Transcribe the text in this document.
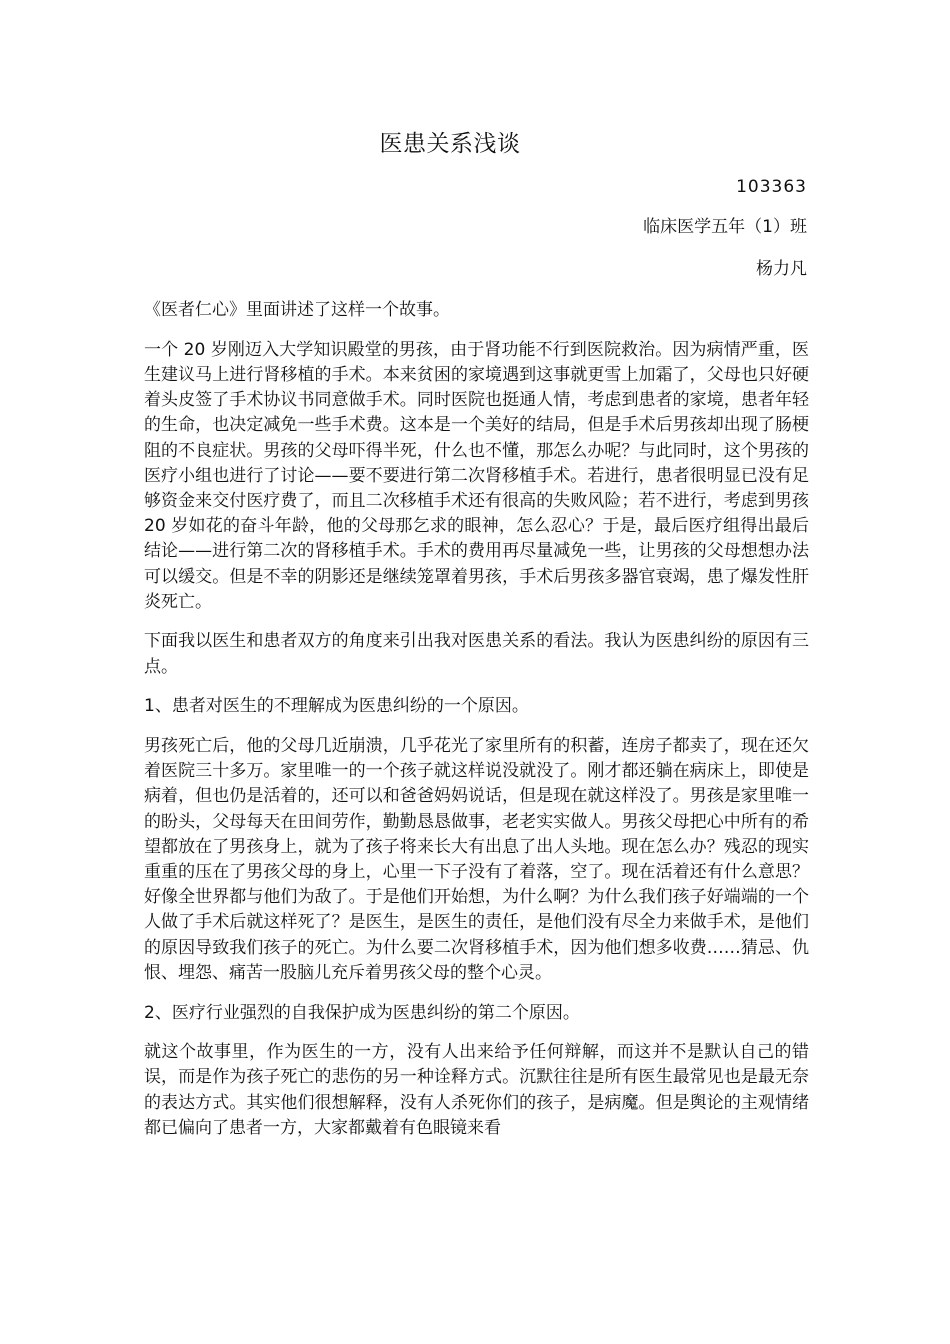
医患关系浅谈

103363

临床医学五年（1）班

杨力凡

《医者仁心》里面讲述了这样一个故事。

一个 20 岁刚迈入大学知识殿堂的男孩，由于肾功能不行到医院救治。因为病情严重，医生建议马上进行肾移植的手术。本来贫困的家境遇到这事就更雪上加霜了，父母也只好硬着头皮签了手术协议书同意做手术。同时医院也挺通人情，考虑到患者的家境，患者年轻的生命，也决定减免一些手术费。这本是一个美好的结局，但是手术后男孩却出现了肠梗阻的不良症状。男孩的父母吓得半死，什么也不懂，那怎么办呢？与此同时，这个男孩的医疗小组也进行了讨论——要不要进行第二次肾移植手术。若进行，患者很明显已没有足够资金来交付医疗费了，而且二次移植手术还有很高的失败风险；若不进行，考虑到男孩 20 岁如花的奋斗年龄，他的父母那乞求的眼神，怎么忍心？于是，最后医疗组得出最后结论——进行第二次的肾移植手术。手术的费用再尽量减免一些，让男孩的父母想想办法可以缓交。但是不幸的阴影还是继续笼罩着男孩，手术后男孩多器官衰竭，患了爆发性肝炎死亡。

下面我以医生和患者双方的角度来引出我对医患关系的看法。我认为医患纠纷的原因有三点。

1、患者对医生的不理解成为医患纠纷的一个原因。

男孩死亡后，他的父母几近崩溃，几乎花光了家里所有的积蓄，连房子都卖了，现在还欠着医院三十多万。家里唯一的一个孩子就这样说没就没了。刚才都还躺在病床上，即使是病着，但也仍是活着的，还可以和爸爸妈妈说话，但是现在就这样没了。男孩是家里唯一的盼头，父母每天在田间劳作，勤勤恳恳做事，老老实实做人。男孩父母把心中所有的希望都放在了男孩身上，就为了孩子将来长大有出息了出人头地。现在怎么办？残忍的现实重重的压在了男孩父母的身上，心里一下子没有了着落，空了。现在活着还有什么意思？好像全世界都与他们为敌了。于是他们开始想，为什么啊？为什么我们孩子好端端的一个人做了手术后就这样死了？是医生，是医生的责任，是他们没有尽全力来做手术，是他们的原因导致我们孩子的死亡。为什么要二次肾移植手术，因为他们想多收费……猜忌、仇恨、埋怨、痛苦一股脑儿充斥着男孩父母的整个心灵。

2、医疗行业强烈的自我保护成为医患纠纷的第二个原因。

就这个故事里，作为医生的一方，没有人出来给予任何辩解，而这并不是默认自己的错误，而是作为孩子死亡的悲伤的另一种诠释方式。沉默往往是所有医生最常见也是最无奈的表达方式。其实他们很想解释，没有人杀死你们的孩子，是病魔。但是舆论的主观情绪都已偏向了患者一方，大家都戴着有色眼镜来看
